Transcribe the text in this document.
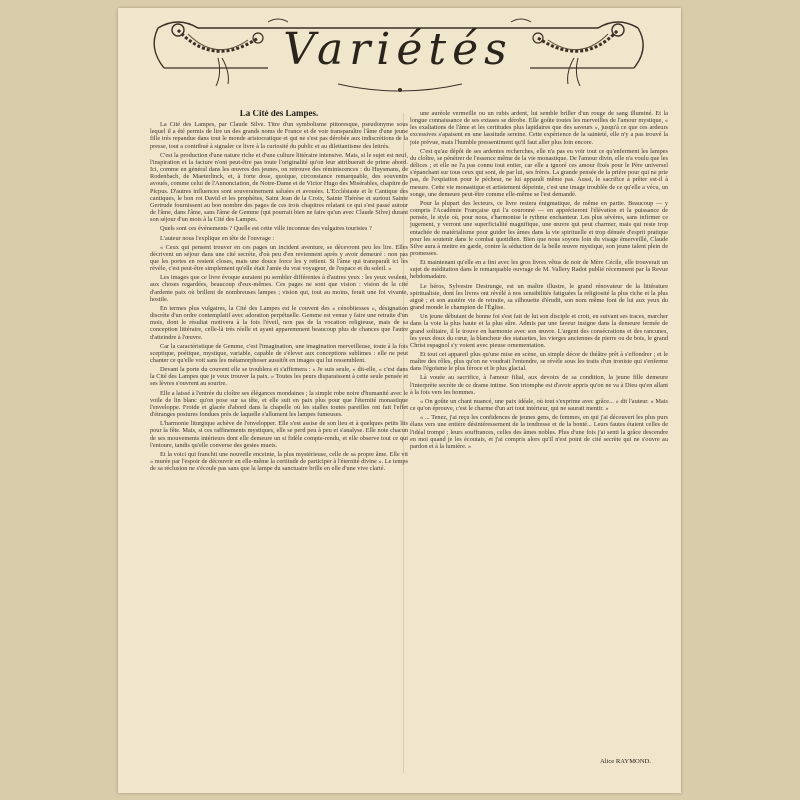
Variétés
La Cité des Lampes.

La Cité des Lampes, par Claude Silve. Titre d'un symbolisme pittoresque, pseudonyme sous lequel il a été permis de lire un des grands noms de France et de voir transparaître l'âme d'une jeune fille très repandue dans tout le monde aristocratique et qui ne s'est pas dérobée aux indiscrétions de la presse, tout a contribué à signaler ce livre à la curiosité du public et au dilettantisme des lettrés.

C'est la production d'une nature riche et d'une culture littéraire intensive. Mais, si le sujet est neuf, l'inspiration et la facture n'ont peut-être pas toute l'originalité qu'on leur attribuerait de prime abord. Ici, comme en général dans les œuvres des jeunes, on retrouve des réminiscences : du Huysmans, de Rodenbach, de Maeterlinck, et, à forte dose, quoique, circonstance remarquable, des souvenirs avoués, comme celui de l'Annonciation, de Notre-Dame et de Victor Hugo des Misérables, chapitre de Picpus. D'autres influences sont souverainement saluées et avouées. L'Ecclésiaste et le Cantique des cantiques, le bon roi David et les prophètes, Saint Jean de la Croix, Sainte Thérèse et surtout Sainte Gertrude fournissent au bon nombre des pages de ces trois chapitres relatant ce qui s'est passé autour de l'âme, dans l'âme, sans l'âme de Gemme (qui pourrait bien ne faire qu'un avec Claude Silve) durant son séjour d'un mois à la Cité des Lampes.

Quels sont ces événements ? Quelle est cette ville inconnue des vulgaires touristes ?

L'auteur nous l'explique en tête de l'ouvrage :

« Ceux qui pensent trouver en ces pages un incident aventure, se décevront peu les lire. Elles décrivent un séjour dans une cité secrète, d'où peu d'en reviennent après y avoir demeuré : non pas que les portes en restent closes, mais une douce force les y retient. Si l'âme qui transparaît ici les révèle, c'est peut-être simplement qu'elle était l'amie du vrai voyageur, de l'espace et du soleil. »

Les images que ce livre évoque auraient pu sembler différentes à d'autres yeux : les yeux veulent, aux choses regardées, beaucoup d'eux-mêmes. Ces pages ne sont que vision : vision de la cité d'ardente paix où brillent de nombreuses lampes ; vision qui, tout au moins, ferait une foi vivante, hostile.

En termes plus vulgaires, la Cité des Lampes est le couvent des « cénobitesses », désignation discrète d'un ordre contemplatif avec adoration perpétuelle. Gemme est venue y faire une retraite d'un mois, dont le résultat motivera à la fois l'éveil, non pas de la vocation religieuse, mais de sa conception littéraire, celle-là très réelle et ayant apparemment beaucoup plus de chances que l'autre d'atteindre à l'œuvre.

Car la caractéristique de Gemme, c'est l'imagination, une imagination merveilleuse, toute à la fois sceptique, poétique, mystique, variable, capable de s'élever aux conceptions sublimes : elle ne peut chanter ce qu'elle voit sans les métamorphoser aussitôt en images qui lui ressemblent.

Devant la porte du couvent elle se troublera et s'affirmera : « Je suis seule, » dit-elle, « c'est dans la Cité des Lampes que je veux trouver la paix. » Toutes les peurs disparaissent à cette seule pensée et ses lèvres s'ouvrent au sourire.

Elle a laissé à l'entrée du cloître ses élégances mondaines ; la simple robe noire d'humanité avec le voile de lin blanc qu'on pose sur sa tête, et elle suit en paix plus pour que l'éternité monastique l'enveloppe. Froide et glacée d'abord dans la chapelle où les stalles toutes pareilles ont fait l'effet d'étranges postures fondues près de laquelle s'allument les lampes fumeuses.

L'harmonie liturgique achève de l'envelopper. Elle s'est assise de son lieu et à quelques petits lits pour la fête. Mais, si ces raffinements mystiques, elle se perd peu à peu et s'analyse. Elle note chacun de ses mouvements intérieurs dont elle demeure un si fidèle compte-rendu, et elle observe tout ce qui l'entoure, tandis qu'elle converse des gestes muets.

Et la voici qui franchit une nouvelle enceinte, la plus mystérieuse, celle de sa propre âme. Elle vit « murée par l'espoir de découvrir en elle-même la certitude de participer à l'éternité divine ». Le temps de sa réclusion ne s'écoule pas sans que la lampe du sanctuaire brille en elle d'une vive clarté.

une auréole vermeille ou un rubis ardent, lui semble briller d'un rouge de sang illuminé. Et la longue connaissance de ses extases se dérobe. Elle goûte toutes les merveilles de l'amour mystique, « les exaltations de l'âme et les certitudes plus lapidaires que des saveurs », jusqu'à ce que ces ardeurs excessives s'apaisent en une lassitude sereine. Cette expérience de la sainteté, elle n'y a pas trouvé la joie prévue, mais l'humble pressentiment qu'il faut aller plus loin encore.

C'est qu'au dépôt de ses ardentes recherches, elle n'a pas eu voir tout ce qu'enferment les lampes du cloître, se pénétrer de l'essence même de la vie monastique. De l'amour divin, elle n'a voulu que les délices ; et elle ne l'a pas connu tout entier, car elle a ignoré ces amour fixés pour le Père universel s'épanchant sur tous ceux qui sont, de par lui, ses frères. La grande pensée de la prière pour qui ne prie pas, de l'expiation pour le pécheur, ne lui apparaît même pas. Aussi, le sacrifice à prêter est-il à mesure. Cette vie monastique et artistement dépeinte, c'est une image troublée de ce qu'elle a vécu, un songe, une demeure peut-être comme elle-même se l'est demandé.

Pour la plupart des lecteurs, ce livre restera énigmatique, de même en partie. Beaucoup — y compris l'Académie Française qui l'a couronné — en apprécieront l'élévation et la puissance de pensée, le style où, pour nous, s'harmonise le rythme enchanteur. Les plus sévères, sans infirmer ce jugement, y verront une superficialité magnifique, une œuvre qui peut charmer, mais qui reste trop entachée de matérialisme pour guider les âmes dans la vie spirituelle et trop dénuée d'esprit pratique pour les soutenir dans le combat quotidien. Bien que nous soyons loin du visage émerveillé, Claude Silve aura à mettre en garde, contre la séduction de la belle œuvre mystique, son jeune talent plein de promesses.

Et maintenant qu'elle en a fini avec les gros livres vêtus de noir de Mère Cécile, elle trouverait un sujet de méditation dans le remarquable ouvrage de M. Vallery Radot publié récemment par la Revue hebdomadaire.

Le héros, Sylvestre Destrunge, est un maître illustre, le grand rénovateur de la littérature spiritualiste, dont les livres ont révélé à nos sensibilités fatiguées la religiosité la plus riche et la plus aiguë ; et son austère vie de retraite, sa silhouette d'érudit, son nom même font de lui aux yeux du grand monde le champion de l'Église.

Un jeune débutant de bonne foi s'est fait de lui son disciple et croit, en suivant ses traces, marcher dans la voie la plus haute et la plus sûre. Admis par une faveur insigne dans la demeure fermée de grand solitaire, il le trouve en harmonie avec son œuvre. L'argent des consécrations et des rancunes, les yeux doux du cœur, la blancheur des statuettes, les vierges anciennes de pierre ou de bois, le grand Christ espagnol s'y voient avec pieuse ornementation.

Et tout cet appareil plus qu'une mise en scène, un simple décor de théâtre prêt à s'effondrer ; et le maître des rôles, plus qu'on ne voudrait l'entendre, se révèle sous les traits d'un ironiste qui s'enferme dans l'égoïsme le plus féroce et le plus glacial.

Là vouée au sacrifice, à l'amour filial, aux devoirs de sa condition, la jeune fille demeure l'interprète secrète de ce drame intime. Son triomphe est d'avoir appris qu'on ne va à Dieu qu'en allant à la fois vers les hommes.

« On goûte un chant nuancé, une paix idéale, où tout s'exprime avec grâce... » dit l'auteur. « Mais ce qu'on éprouve, c'est le charme d'un art tout intérieur, qui ne saurait mentir. »

« ... Tenez, j'ai reçu les confidences de jeunes gens, de femmes, en qui j'ai découvert les plus purs élans vers une entière désintéressement de la tendresse et de la bonté... Leurs fautes étaient celles de l'idéal trompé ; leurs souffrances, celles des âmes nobles. Plus d'une fois j'ai senti la grâce descendre en moi quand je les écoutais, et j'ai compris alors qu'il n'est point de cité secrète qui ne s'ouvre au pardon et à la lumière. »

Alice RAYMOND.
